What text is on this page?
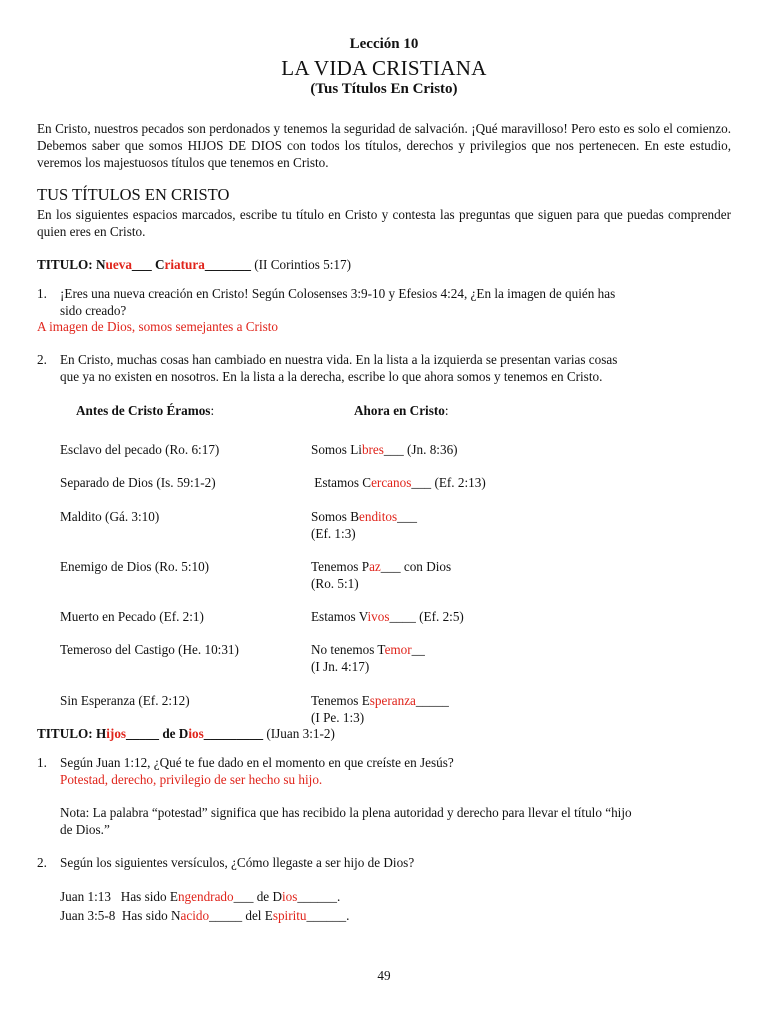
Lección 10
LA VIDA CRISTIANA
(Tus Títulos En Cristo)
En Cristo, nuestros pecados son perdonados y tenemos la seguridad de salvación. ¡Qué maravilloso! Pero esto es solo el comienzo. Debemos saber que somos HIJOS DE DIOS con todos los títulos, derechos y privilegios que nos pertenecen. En este estudio, veremos los majestuosos títulos que tenemos en Cristo.
TUS TÍTULOS EN CRISTO
En los siguientes espacios marcados, escribe tu título en Cristo y contesta las preguntas que siguen para que puedas comprender quien eres en Cristo.
TITULO: Nueva___ Criatura_______ (II Corintios 5:17)
1. ¡Eres una nueva creación en Cristo! Según Colosenses 3:9-10 y Efesios 4:24, ¿En la imagen de quién has
sido creado?
A imagen de Dios, somos semejantes a Cristo
2. En Cristo, muchas cosas han cambiado en nuestra vida. En la lista a la izquierda se presentan varias cosas
que ya no existen en nosotros. En la lista a la derecha, escribe lo que ahora somos y tenemos en Cristo.
Antes de Cristo Éramos:	Ahora en Cristo:
Esclavo del pecado (Ro. 6:17)	Somos Libres___ (Jn. 8:36)
Separado de Dios (Is. 59:1-2)	Estamos Cercanos___ (Ef. 2:13)
Maldito (Gá. 3:10)	Somos Benditos___
(Ef. 1:3)
Enemigo de Dios (Ro. 5:10)	Tenemos Paz___ con Dios
(Ro. 5:1)
Muerto en Pecado (Ef. 2:1)	Estamos Vivos____ (Ef. 2:5)
Temeroso del Castigo (He. 10:31)	No tenemos Temor__
(I Jn. 4:17)
Sin Esperanza (Ef. 2:12)	Tenemos Esperanza_____
(I Pe. 1:3)
TITULO: Hijos_____ de Dios_________ (IJuan 3:1-2)
1. Según Juan 1:12, ¿Qué te fue dado en el momento en que creíste en Jesús?
Potestad, derecho, privilegio de ser hecho su hijo.
Nota: La palabra “potestad” significa que has recibido la plena autoridad y derecho para llevar el título “hijo
de Dios.”
2. Según los siguientes versículos, ¿Cómo llegaste a ser hijo de Dios?
Juan 1:13   Has sido Engendrado___ de Dios______.
Juan 3:5-8  Has sido Nacido_____ del Espiritu______.
49
